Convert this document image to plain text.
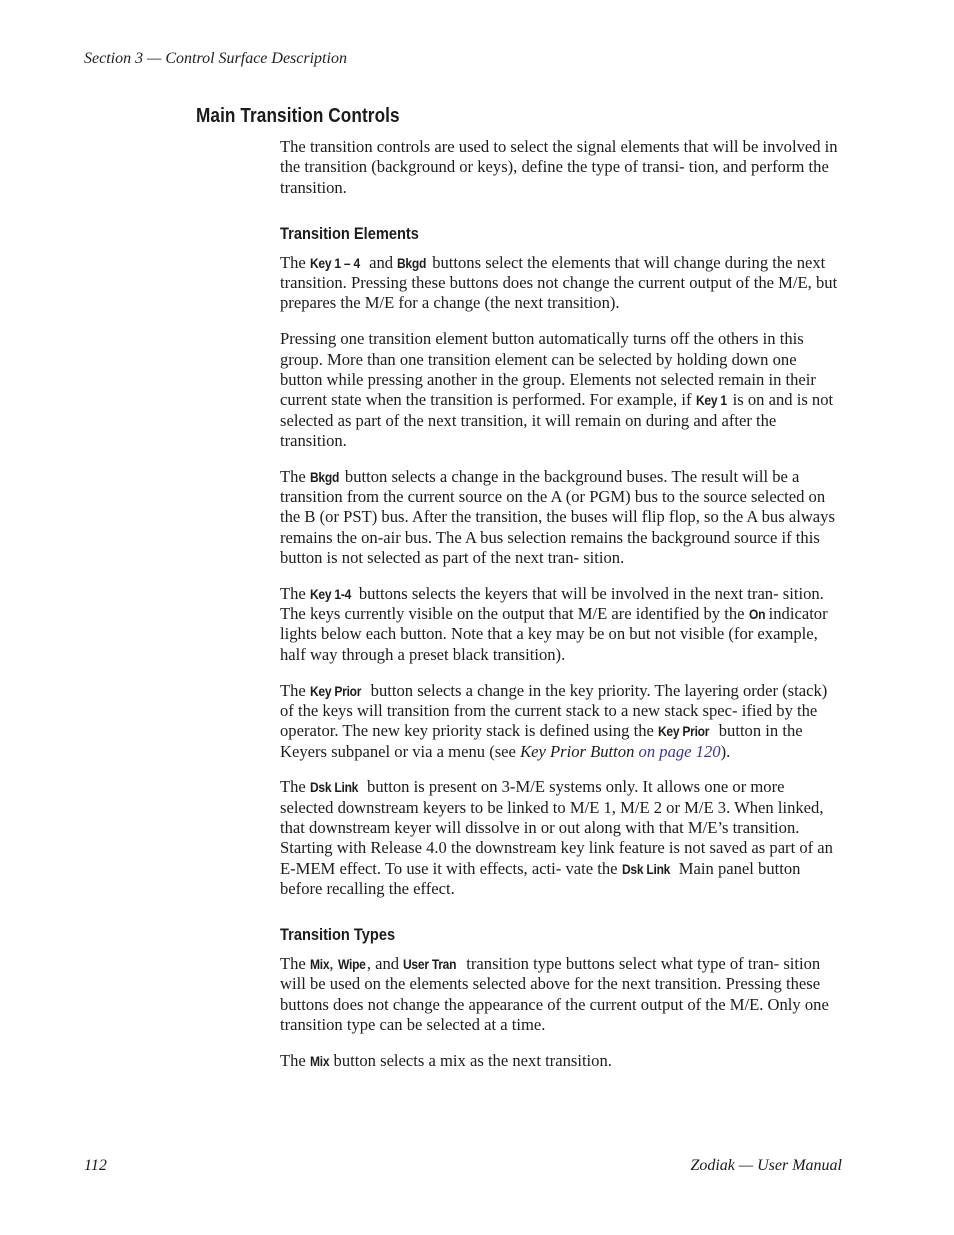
Section 3 — Control Surface Description
Main Transition Controls

The transition controls are used to select the signal elements that will be involved in the transition (background or keys), define the type of transi- tion, and perform the transition.

Transition Elements

The Key 1 – 4 and Bkgd buttons select the elements that will change during the next transition. Pressing these buttons does not change the current output of the M/E, but prepares the M/E for a change (the next transition).

Pressing one transition element button automatically turns off the others in this group. More than one transition element can be selected by holding down one button while pressing another in the group. Elements not selected remain in their current state when the transition is performed. For example, if Key 1 is on and is not selected as part of the next transition, it will remain on during and after the transition.

The Bkgd button selects a change in the background buses. The result will be a transition from the current source on the A (or PGM) bus to the source selected on the B (or PST) bus. After the transition, the buses will flip flop, so the A bus always remains the on-air bus. The A bus selection remains the background source if this button is not selected as part of the next tran- sition.

The Key 1-4 buttons selects the keyers that will be involved in the next tran- sition. The keys currently visible on the output that M/E are identified by the On indicator lights below each button. Note that a key may be on but not visible (for example, half way through a preset black transition).

The Key Prior button selects a change in the key priority. The layering order (stack) of the keys will transition from the current stack to a new stack spec- ified by the operator. The new key priority stack is defined using the Key Prior button in the Keyers subpanel or via a menu (see Key Prior Button on page 120).

The Dsk Link button is present on 3-M/E systems only. It allows one or more selected downstream keyers to be linked to M/E 1, M/E 2 or M/E 3. When linked, that downstream keyer will dissolve in or out along with that M/E’s transition. Starting with Release 4.0 the downstream key link feature is not saved as part of an E-MEM effect. To use it with effects, acti- vate the Dsk Link Main panel button before recalling the effect.

Transition Types

The Mix, Wipe, and User Tran transition type buttons select what type of tran- sition will be used on the elements selected above for the next transition. Pressing these buttons does not change the appearance of the current output of the M/E. Only one transition type can be selected at a time.

The Mix button selects a mix as the next transition.

112	Zodiak — User Manual
